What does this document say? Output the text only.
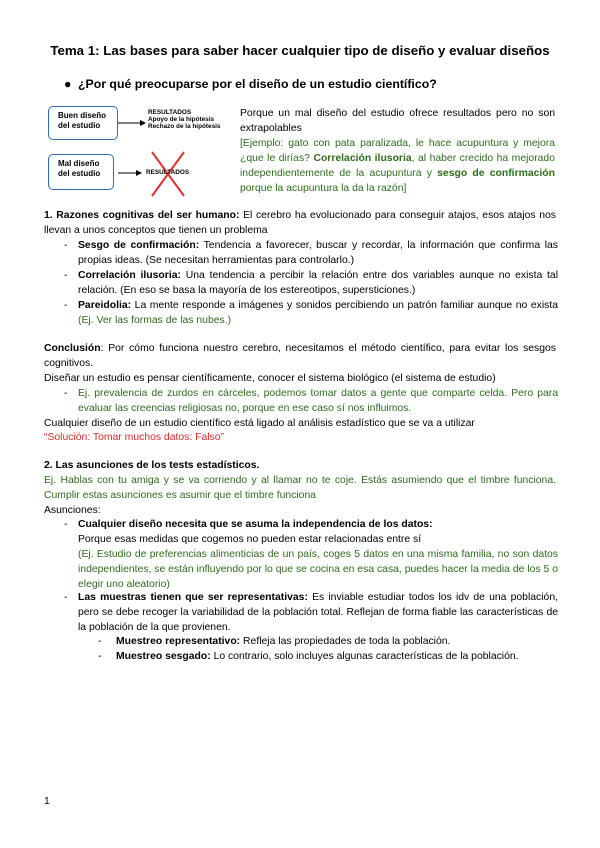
Tema 1: Las bases para saber hacer cualquier tipo de diseño y evaluar diseños
● ¿Por qué preocuparse por el diseño de un estudio científico?
Buen diseño del estudio
RESULTADOS
Apoyo de la hipótesis
Rechazo de la hipótesis
Mal diseño del estudio	RESULTADOS
Porque un mal diseño del estudio ofrece resultados pero no son extrapolables
[Ejemplo: gato con pata paralizada, le hace acupuntura y mejora ¿que le dirías? Correlación ilusoria, al haber crecido ha mejorado independientemente de la acupuntura y sesgo de confirmación porque la acupuntura la da la razón]

1. Razones cognitivas del ser humano: El cerebro ha evolucionado para conseguir atajos, esos atajos nos llevan a unos conceptos que tienen un problema

- Sesgo de confirmación: Tendencia a favorecer, buscar y recordar, la información que confirma las propias ideas. (Se necesitan herramientas para controlarlo.)

- Correlación ilusoria: Una tendencia a percibir la relación entre dos variables aunque no exista tal relación. (En eso se basa la mayoría de los estereotipos, supersticiones.)

- Pareidolia: La mente responde a imágenes y sonidos percibiendo un patrón familiar aunque no exista (Ej. Ver las formas de las nubes.)

Conclusión: Por cómo funciona nuestro cerebro, necesitamos el método científico, para evitar los sesgos cognitivos.

Diseñar un estudio es pensar científicamente, conocer el sistema biológico (el sistema de estudio)

- Ej. prevalencia de zurdos en cárceles, podemos tomar datos a gente que comparte celda. Pero para evaluar las creencias religiosas no, porque en ese caso sí nos influimos.

Cualquier diseño de un estudio científico está ligado al análisis estadístico que se va a utilizar

“Solución: Tomar muchos datos: Falso”

2. Las asunciones de los tests estadísticos.

Ej. Hablas con tu amiga y se va corriendo y al llamar no te coje. Estás asumiendo que el timbre funciona. Cumplir estas asunciones es asumir que el timbre funciona

Asunciones:

- Cualquier diseño necesita que se asuma la independencia de los datos:
Porque esas medidas que cogemos no pueden estar relacionadas entre sí
(Ej. Estudio de preferencias alimenticias de un país, coges 5 datos en una misma familia, no son datos independientes, se están influyendo por lo que se cocina en esa casa, puedes hacer la media de los 5 o elegir uno aleatorio)

- Las muestras tienen que ser representativas: Es inviable estudiar todos los idv de una población, pero se debe recoger la variabilidad de la población total. Reflejan de forma fiable las características de la población de la que provienen.

- Muestreo representativo: Refleja las propiedades de toda la población.

- Muestreo sesgado: Lo contrario, solo incluyes algunas características de la población.

1
